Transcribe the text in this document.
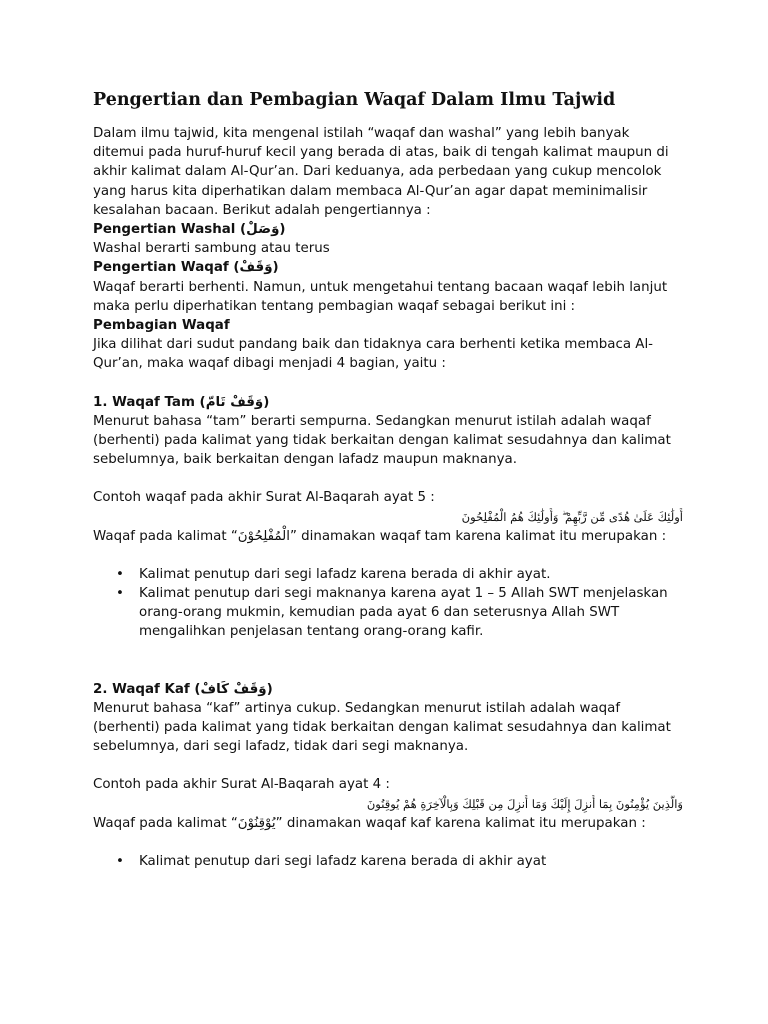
Pengertian dan Pembagian Waqaf Dalam Ilmu Tajwid

Dalam ilmu tajwid, kita mengenal istilah “waqaf dan washal” yang lebih banyak ditemui pada huruf-huruf kecil yang berada di atas, baik di tengah kalimat maupun di akhir kalimat dalam Al-Qur’an. Dari keduanya, ada perbedaan yang cukup mencolok yang harus kita diperhatikan dalam membaca Al-Qur’an agar dapat meminimalisir kesalahan bacaan. Berikut adalah pengertiannya :

Pengertian Washal (وَصَلْ)

Washal berarti sambung atau terus

Pengertian Waqaf (وَقَفْ)

Waqaf berarti berhenti. Namun, untuk mengetahui tentang bacaan waqaf lebih lanjut maka perlu diperhatikan tentang pembagian waqaf sebagai berikut ini :

Pembagian Waqaf

Jika dilihat dari sudut pandang baik dan tidaknya cara berhenti ketika membaca Al-Qur’an, maka waqaf dibagi menjadi 4 bagian, yaitu :

1. Waqaf Tam (وَقَفْ تَامّ)

Menurut bahasa “tam” berarti sempurna. Sedangkan menurut istilah adalah waqaf (berhenti) pada kalimat yang tidak berkaitan dengan kalimat sesudahnya dan kalimat sebelumnya, baik berkaitan dengan lafadz maupun maknanya.

Contoh waqaf pada akhir Surat Al-Baqarah ayat 5 :

أُولَٰئِكَ عَلَىٰ هُدًى مِّن رَّبِّهِمْ ۖ وَأُولَٰئِكَ هُمُ الْمُفْلِحُونَ

Waqaf pada kalimat “الْمُفْلِحُوْنَ” dinamakan waqaf tam karena kalimat itu merupakan :

• Kalimat penutup dari segi lafadz karena berada di akhir ayat.
• Kalimat penutup dari segi maknanya karena ayat 1 – 5 Allah SWT menjelaskan orang-orang mukmin, kemudian pada ayat 6 dan seterusnya Allah SWT mengalihkan penjelasan tentang orang-orang kafir.

2. Waqaf Kaf (وَقَفْ كَافْ)

Menurut bahasa “kaf” artinya cukup. Sedangkan menurut istilah adalah waqaf (berhenti) pada kalimat yang tidak berkaitan dengan kalimat sesudahnya dan kalimat sebelumnya, dari segi lafadz, tidak dari segi maknanya.

Contoh pada akhir Surat Al-Baqarah ayat 4 :

وَالَّذِينَ يُؤْمِنُونَ بِمَا أُنزِلَ إِلَيْكَ وَمَا أُنزِلَ مِن قَبْلِكَ وَبِالْآخِرَةِ هُمْ يُوقِنُونَ

Waqaf pada kalimat “يُوْقِنُوْنَ” dinamakan waqaf kaf karena kalimat itu merupakan :

• Kalimat penutup dari segi lafadz karena berada di akhir ayat
